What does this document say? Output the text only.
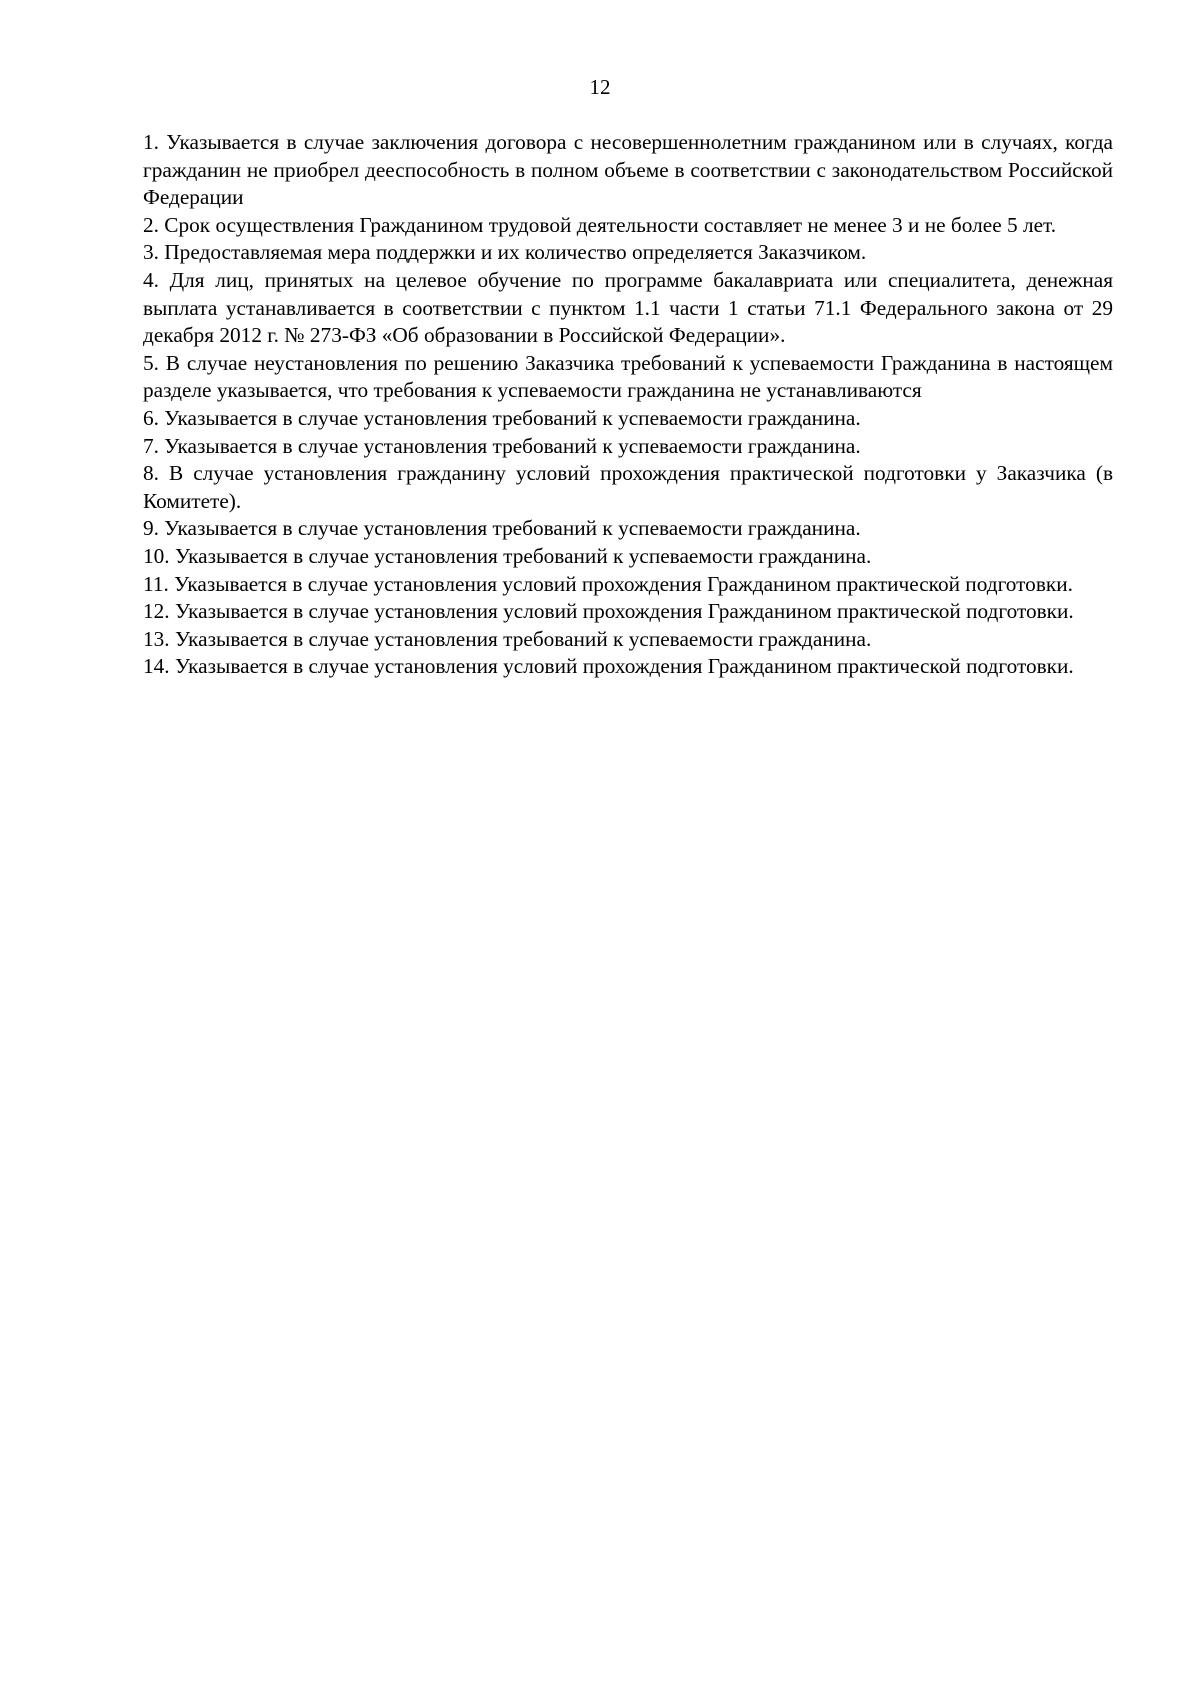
12

1. Указывается в случае заключения договора с несовершеннолетним гражданином или в случаях, когда гражданин не приобрел дееспособность в полном объеме в соответствии с законодательством Российской Федерации

2. Срок осуществления Гражданином трудовой деятельности составляет не менее 3 и не более 5 лет.

3. Предоставляемая мера поддержки и их количество определяется Заказчиком.

4. Для лиц, принятых на целевое обучение по программе бакалавриата или специалитета, денежная выплата устанавливается в соответствии с пунктом 1.1 части 1 статьи 71.1 Федерального закона от 29 декабря 2012 г. № 273-ФЗ «Об образовании в Российской Федерации».

5. В случае неустановления по решению Заказчика требований к успеваемости Гражданина в настоящем разделе указывается, что требования к успеваемости гражданина не устанавливаются

6. Указывается в случае установления требований к успеваемости гражданина.

7. Указывается в случае установления требований к успеваемости гражданина.

8. В случае установления гражданину условий прохождения практической подготовки у Заказчика (в Комитете).

9. Указывается в случае установления требований к успеваемости гражданина.

10. Указывается в случае установления требований к успеваемости гражданина.

11. Указывается в случае установления условий прохождения Гражданином практической подготовки.

12. Указывается в случае установления условий прохождения Гражданином практической подготовки.

13. Указывается в случае установления требований к успеваемости гражданина.

14. Указывается в случае установления условий прохождения Гражданином практической подготовки.
